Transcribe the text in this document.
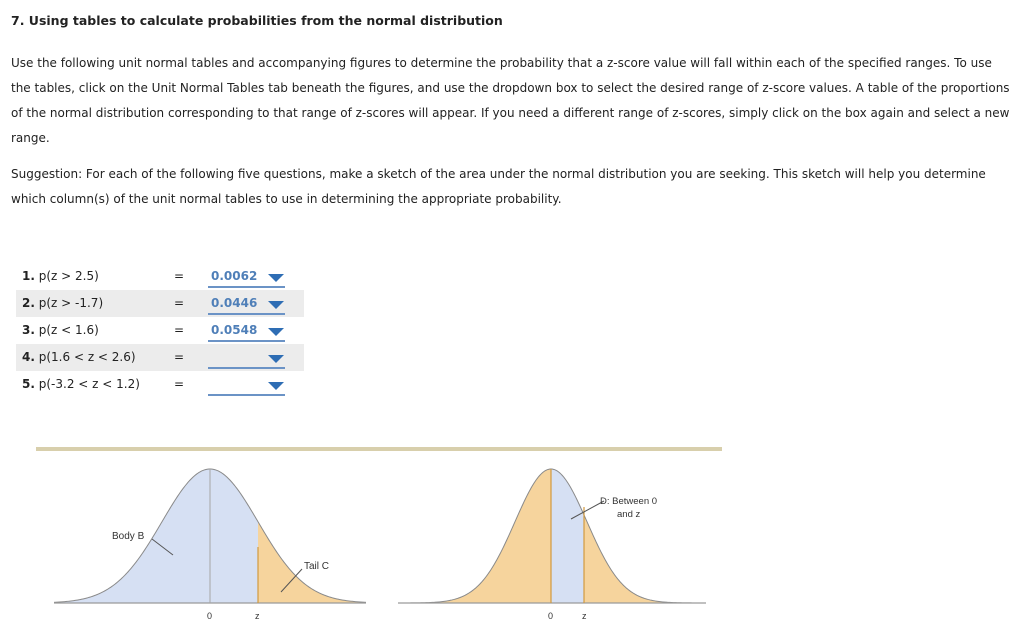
7. Using tables to calculate probabilities from the normal distribution
Use the following unit normal tables and accompanying figures to determine the probability that a z-score value will fall within each of the specified ranges. To use the tables, click on the Unit Normal Tables tab beneath the figures, and use the dropdown box to select the desired range of z-score values. A table of the proportions of the normal distribution corresponding to that range of z-scores will appear. If you need a different range of z-scores, simply click on the box again and select a new range.
Suggestion: For each of the following five questions, make a sketch of the area under the normal distribution you are seeking. This sketch will help you determine which column(s) of the unit normal tables to use in determining the appropriate probability.
1. p(z > 2.5)	= 0.0062
2. p(z > -1.7)	= 0.0446
3. p(z < 1.6)	= 0.0548
4. p(1.6 < z < 2.6)	=
5. p(-3.2 < z < 1.2)	=
Body B
Tail C
0	z
D: Between 0
and z
0	z
